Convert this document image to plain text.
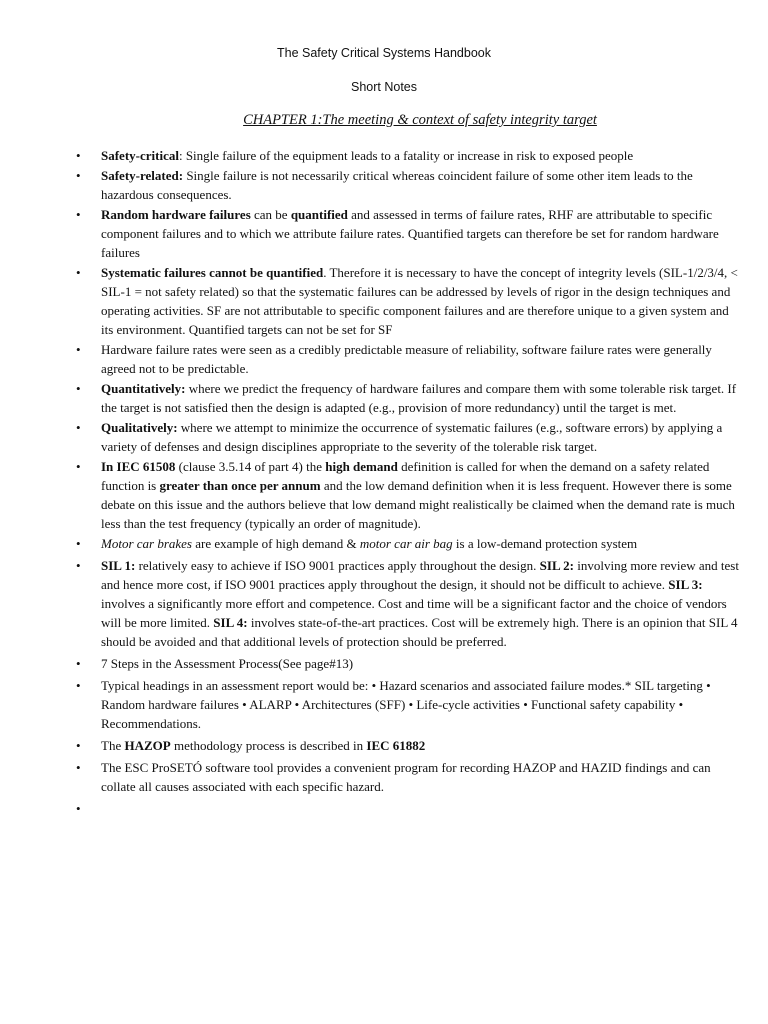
The Safety Critical Systems Handbook
Short Notes
CHAPTER 1:The meeting & context of safety integrity target
• Safety-critical: Single failure of the equipment leads to a fatality or increase in risk to exposed people
• Safety-related: Single failure is not necessarily critical whereas coincident failure of some other item leads to the hazardous consequences.
• Random hardware failures can be quantified and assessed in terms of failure rates, RHF are attributable to specific component failures and to which we attribute failure rates. Quantified targets can therefore be set for random hardware failures
• Systematic failures cannot be quantified. Therefore it is necessary to have the concept of integrity levels (SIL-1/2/3/4, < SIL-1 = not safety related) so that the systematic failures can be addressed by levels of rigor in the design techniques and operating activities. SF are not attributable to specific component failures and are therefore unique to a given system and its environment. Quantified targets can not be set for SF
• Hardware failure rates were seen as a credibly predictable measure of reliability, software failure rates were generally agreed not to be predictable.
• Quantitatively: where we predict the frequency of hardware failures and compare them with some tolerable risk target. If the target is not satisfied then the design is adapted (e.g., provision of more redundancy) until the target is met.
• Qualitatively: where we attempt to minimize the occurrence of systematic failures (e.g., software errors) by applying a variety of defenses and design disciplines appropriate to the severity of the tolerable risk target.
• In IEC 61508 (clause 3.5.14 of part 4) the high demand definition is called for when the demand on a safety related function is greater than once per annum and the low demand definition when it is less frequent. However there is some debate on this issue and the authors believe that low demand might realistically be claimed when the demand rate is much less than the test frequency (typically an order of magnitude).
• Motor car brakes are example of high demand & motor car air bag is a low-demand protection system
• SIL 1: relatively easy to achieve if ISO 9001 practices apply throughout the design. SIL 2: involving more review and test and hence more cost, if ISO 9001 practices apply throughout the design, it should not be difficult to achieve. SIL 3: involves a significantly more effort and competence. Cost and time will be a significant factor and the choice of vendors will be more limited. SIL 4: involves state-of-the-art practices. Cost will be extremely high. There is an opinion that SIL 4 should be avoided and that additional levels of protection should be preferred.
• 7 Steps in the Assessment Process(See page#13)
• Typical headings in an assessment report would be: • Hazard scenarios and associated failure modes.* SIL targeting • Random hardware failures • ALARP • Architectures (SFF) • Life-cycle activities • Functional safety capability • Recommendations.
• The HAZOP methodology process is described in IEC 61882
• The ESC ProSETÓ software tool provides a convenient program for recording HAZOP and HAZID findings and can collate all causes associated with each specific hazard.
•
